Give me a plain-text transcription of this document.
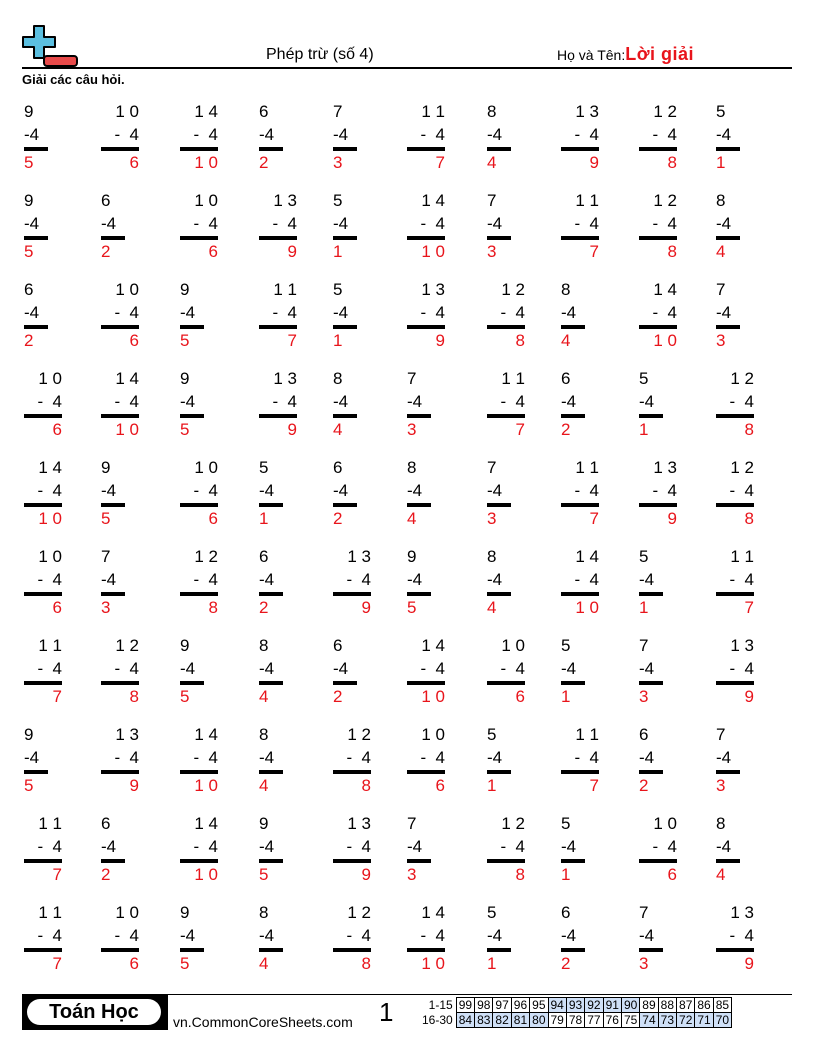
Phép trừ (số 4)	Họ và Tên:Lời giải
Giải các câu hỏi.
9
-4
5
1 0
-  4
6
1 4
-  4
1 0
6
-4
2
7
-4
3
1 1
-  4
7
8
-4
4
1 3
-  4
9
1 2
-  4
8
5
-4
1
9
-4
5
6
-4
2
1 0
-  4
6
1 3
-  4
9
5
-4
1
1 4
-  4
1 0
7
-4
3
1 1
-  4
7
1 2
-  4
8
8
-4
4
6
-4
2
1 0
-  4
6
9
-4
5
1 1
-  4
7
5
-4
1
1 3
-  4
9
1 2
-  4
8
8
-4
4
1 4
-  4
1 0
7
-4
3
1 0
-  4
6
1 4
-  4
1 0
9
-4
5
1 3
-  4
9
8
-4
4
7
-4
3
1 1
-  4
7
6
-4
2
5
-4
1
1 2
-  4
8
1 4
-  4
1 0
9
-4
5
1 0
-  4
6
5
-4
1
6
-4
2
8
-4
4
7
-4
3
1 1
-  4
7
1 3
-  4
9
1 2
-  4
8
1 0
-  4
6
7
-4
3
1 2
-  4
8
6
-4
2
1 3
-  4
9
9
-4
5
8
-4
4
1 4
-  4
1 0
5
-4
1
1 1
-  4
7
1 1
-  4
7
1 2
-  4
8
9
-4
5
8
-4
4
6
-4
2
1 4
-  4
1 0
1 0
-  4
6
5
-4
1
7
-4
3
1 3
-  4
9
9
-4
5
1 3
-  4
9
1 4
-  4
1 0
8
-4
4
1 2
-  4
8
1 0
-  4
6
5
-4
1
1 1
-  4
7
6
-4
2
7
-4
3
1 1
-  4
7
6
-4
2
1 4
-  4
1 0
9
-4
5
1 3
-  4
9
7
-4
3
1 2
-  4
8
5
-4
1
1 0
-  4
6
8
-4
4
1 1
-  4
7
1 0
-  4
6
9
-4
5
8
-4
4
1 2
-  4
8
1 4
-  4
1 0
5
-4
1
6
-4
2
7
-4
3
1 3
-  4
9
Toán Học	vn.CommonCoreSheets.com 1	1-15	99	98	97	96	95	94	93	92	91	90	89	88	87	86	85
16-30	84	83	82	81	80	79	78	77	76	75	74	73	72	71	70
